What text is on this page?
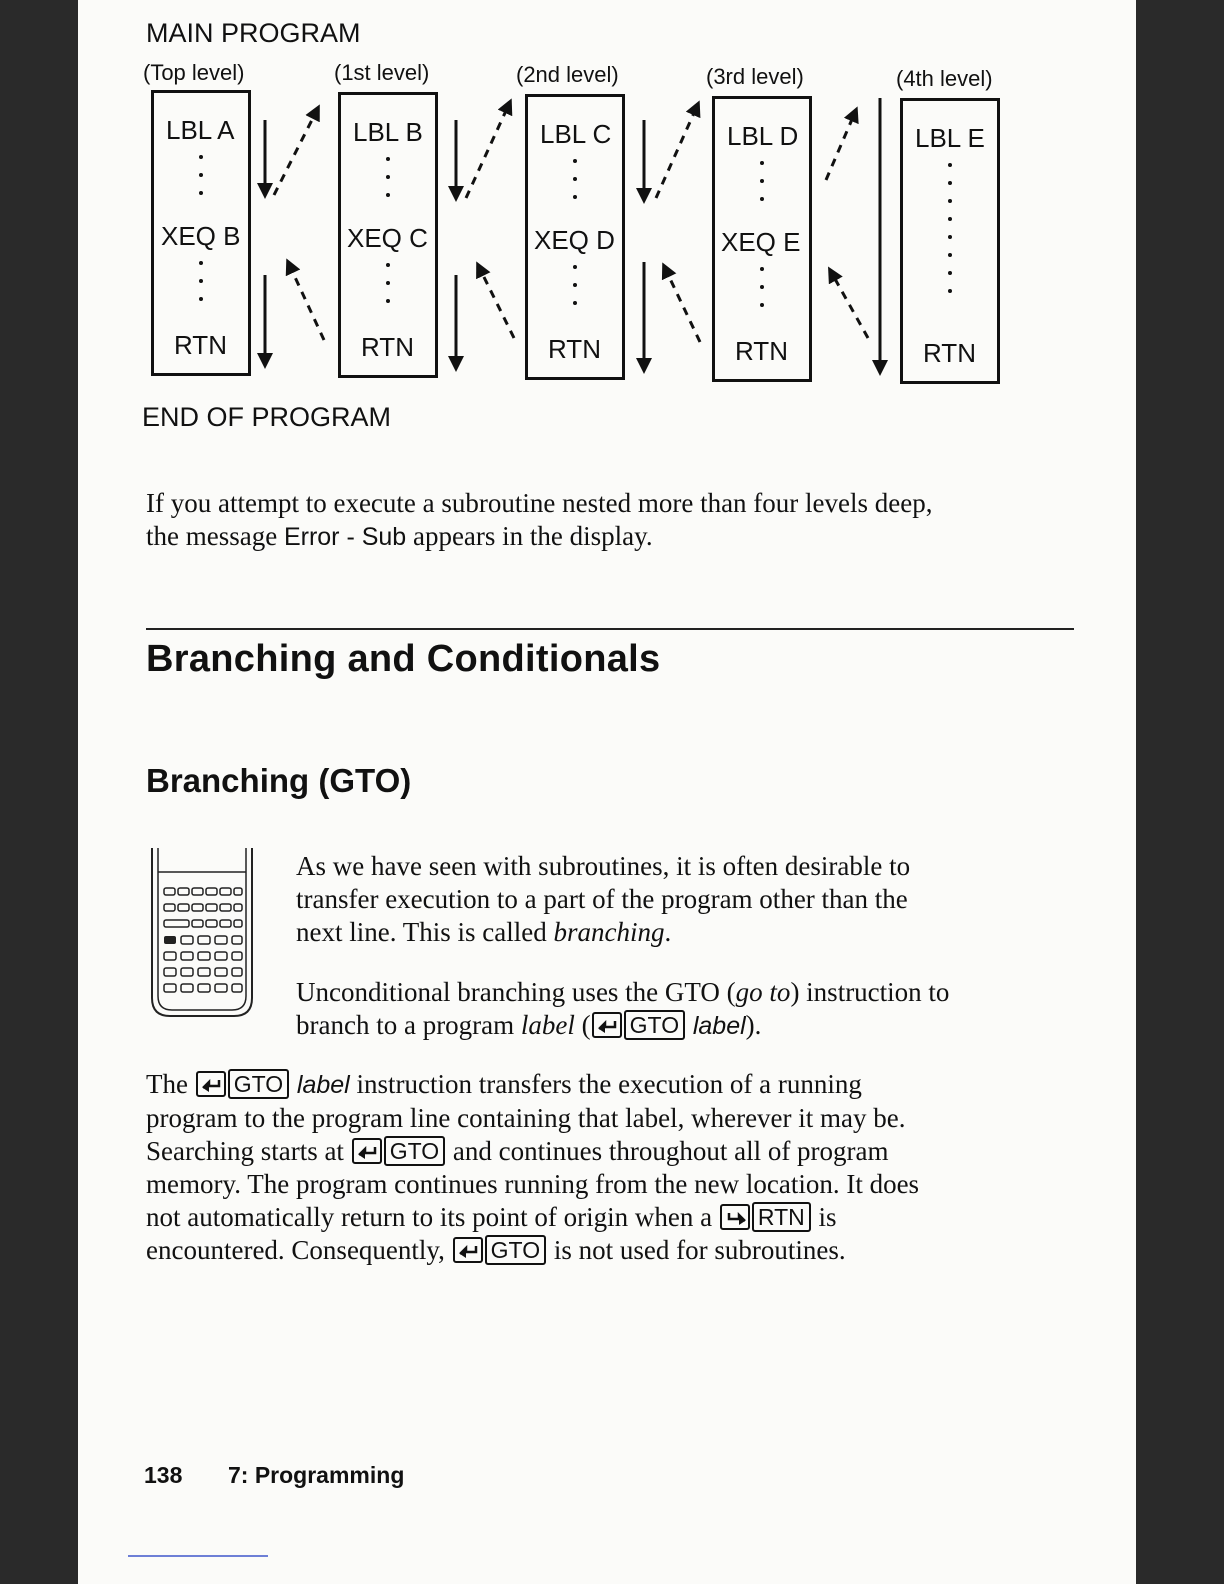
MAIN PROGRAM
(Top level)	(1st level)	(2nd level)	(3rd level)	(4th level)
LBL A
XEQ B
RTN
LBL B
XEQ C
RTN
LBL C
XEQ D
RTN
LBL D
XEQ E
RTN
LBL E
RTN
END OF PROGRAM
If you attempt to execute a subroutine nested more than four levels deep,
the message Error - Sub appears in the display.
Branching and Conditionals
Branching (GTO)
As we have seen with subroutines, it is often desirable to
transfer execution to a part of the program other than the
next line. This is called branching.
Unconditional branching uses the GTO (go to) instruction to
branch to a program label ( GTO label).
The
GTO label instruction transfers the execution of a running
program to the program line containing that label, wherever it may be.
Searching starts at
GTO and continues throughout all of program
memory. The program continues running from the new location. It does
not automatically return to its point of origin when a
RTN is
encountered. Consequently,
GTO is not used for subroutines.
138 7: Programming
